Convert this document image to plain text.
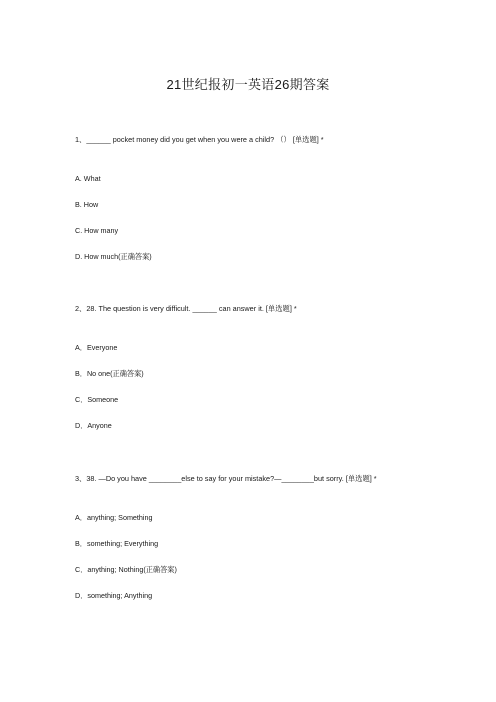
21世纪报初一英语26期答案
1、______ pocket money did you get when you were a child? （） [单选题] *
A. What
B. How
C. How many
D. How much(正确答案)
2、28. The question is very difficult. ______ can answer it. [单选题] *
A．Everyone
B．No one(正确答案)
C．Someone
D．Anyone
3、38. —Do you have ________else to say for your mistake?—________but sorry. [单选题] *
A．anything; Something
B．something; Everything
C．anything; Nothing(正确答案)
D．something; Anything
